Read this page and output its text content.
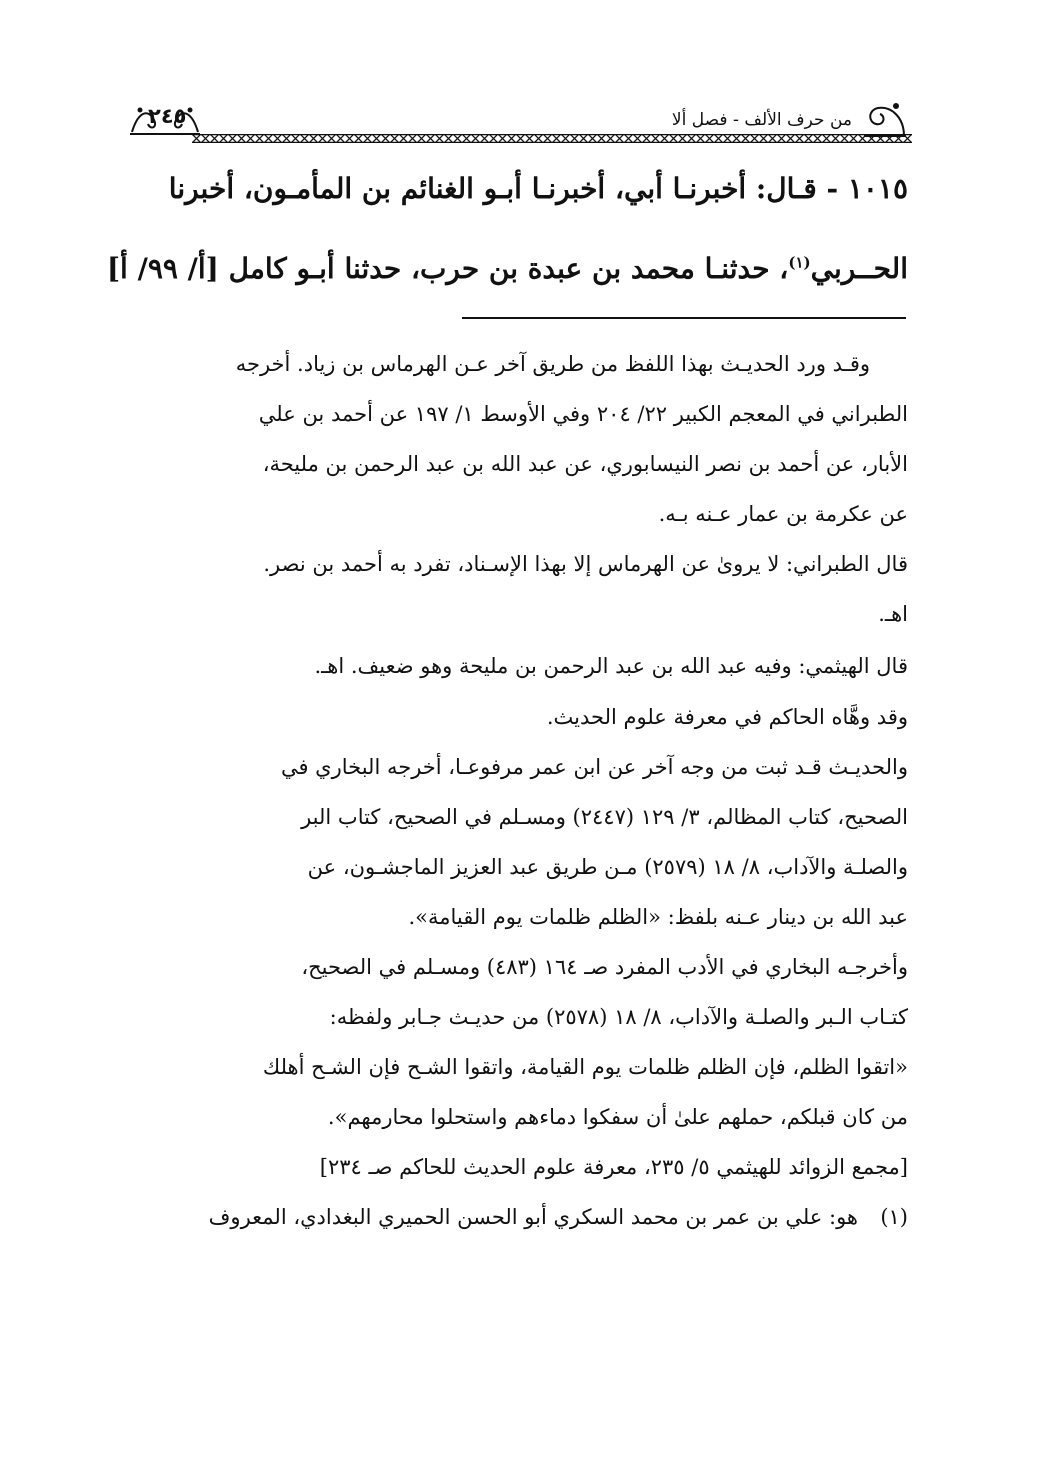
٢٤٥	من حرف الألف - فصل ألا
١٠١٥ - قـال: أخبرنـا أبي، أخبرنـا أبـو الغنائم بن المأمـون، أخبرنا
الحــربي$^{(١)}$، حدثنـا محمد بن عبدة بن حرب، حدثنا أبـو كامل [أ/ ٩٩/ أ]
وقـد ورد الحديـث بهذا اللفظ من طريق آخر عـن الهرماس بن زياد. أخرجه
الطبراني في المعجم الكبير ٢٢/ ٢٠٤ وفي الأوسط ١/ ١٩٧ عن أحمد بن علي
الأبار، عن أحمد بن نصر النيسابوري، عن عبد الله بن عبد الرحمن بن مليحة،
عن عكرمة بن عمار عـنه بـه.
قال الطبراني: لا يرویٰ عن الهرماس إلا بهذا الإسـناد، تفرد به أحمد بن نصر.
اهـ.
قال الهيثمي: وفيه عبد الله بن عبد الرحمن بن مليحة وهو ضعيف. اهـ.
وقد وهَّاه الحاكم في معرفة علوم الحديث.
والحديـث قـد ثبت من وجه آخر عن ابن عمر مرفوعـا، أخرجه البخاري في
الصحيح، كتاب المظالم، ٣/ ١٢٩ (٢٤٤٧) ومسـلم في الصحيح، كتاب البر
والصلـة والآداب، ٨/ ١٨ (٢٥٧٩) مـن طريق عبد العزيز الماجشـون، عن
عبد الله بن دينار عـنه بلفظ: «الظلم ظلمات يوم القيامة».
وأخرجـه البخاري في الأدب المفرد صـ ١٦٤ (٤٨٣) ومسـلم في الصحيح،
كتـاب الـبر والصلـة والآداب، ٨/ ١٨ (٢٥٧٨) من حديـث جـابر ولفظه:
«اتقوا الظلم، فإن الظلم ظلمات يوم القيامة، واتقوا الشـح فإن الشـح أهلك
من كان قبلكم، حملهم علىٰ أن سفكوا دماءهم واستحلوا محارمهم».
[مجمع الزوائد للهيثمي ٥/ ٢٣٥، معرفة علوم الحديث للحاكم صـ ٢٣٤]
(١)هو: علي بن عمر بن محمد السكري أبو الحسن الحميري البغدادي، المعروف
